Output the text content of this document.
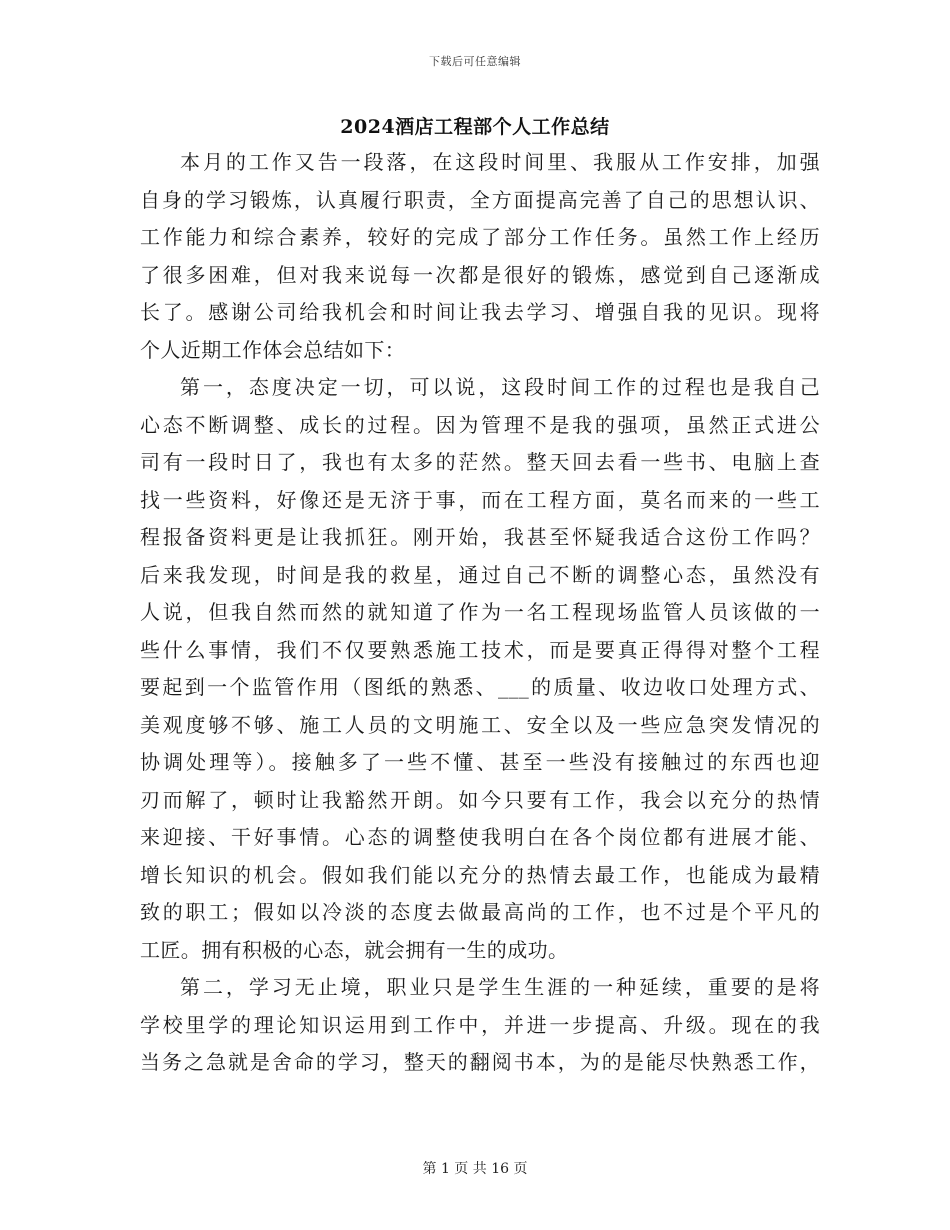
下载后可任意编辑
2024酒店工程部个人工作总结
本月的工作又告一段落，在这段时间里、我服从工作安排，加强
自身的学习锻炼，认真履行职责，全方面提高完善了自己的思想认识、
工作能力和综合素养，较好的完成了部分工作任务。虽然工作上经历
了很多困难，但对我来说每一次都是很好的锻炼，感觉到自己逐渐成
长了。感谢公司给我机会和时间让我去学习、增强自我的见识。现将
个人近期工作体会总结如下：
第一，态度决定一切，可以说，这段时间工作的过程也是我自己
心态不断调整、成长的过程。因为管理不是我的强项，虽然正式进公
司有一段时日了，我也有太多的茫然。整天回去看一些书、电脑上查
找一些资料，好像还是无济于事，而在工程方面，莫名而来的一些工
程报备资料更是让我抓狂。刚开始，我甚至怀疑我适合这份工作吗？
后来我发现，时间是我的救星，通过自己不断的调整心态，虽然没有
人说，但我自然而然的就知道了作为一名工程现场监管人员该做的一
些什么事情，我们不仅要熟悉施工技术，而是要真正得得对整个工程
要起到一个监管作用（图纸的熟悉、___的质量、收边收口处理方式、
美观度够不够、施工人员的文明施工、安全以及一些应急突发情况的
协调处理等）。接触多了一些不懂、甚至一些没有接触过的东西也迎
刃而解了，顿时让我豁然开朗。如今只要有工作，我会以充分的热情
来迎接、干好事情。心态的调整使我明白在各个岗位都有进展才能、
增长知识的机会。假如我们能以充分的热情去最工作，也能成为最精
致的职工；假如以冷淡的态度去做最高尚的工作，也不过是个平凡的
工匠。拥有积极的心态，就会拥有一生的成功。
第二，学习无止境，职业只是学生生涯的一种延续，重要的是将
学校里学的理论知识运用到工作中，并进一步提高、升级。现在的我
当务之急就是舍命的学习，整天的翻阅书本，为的是能尽快熟悉工作，
第 1 页 共 16 页
